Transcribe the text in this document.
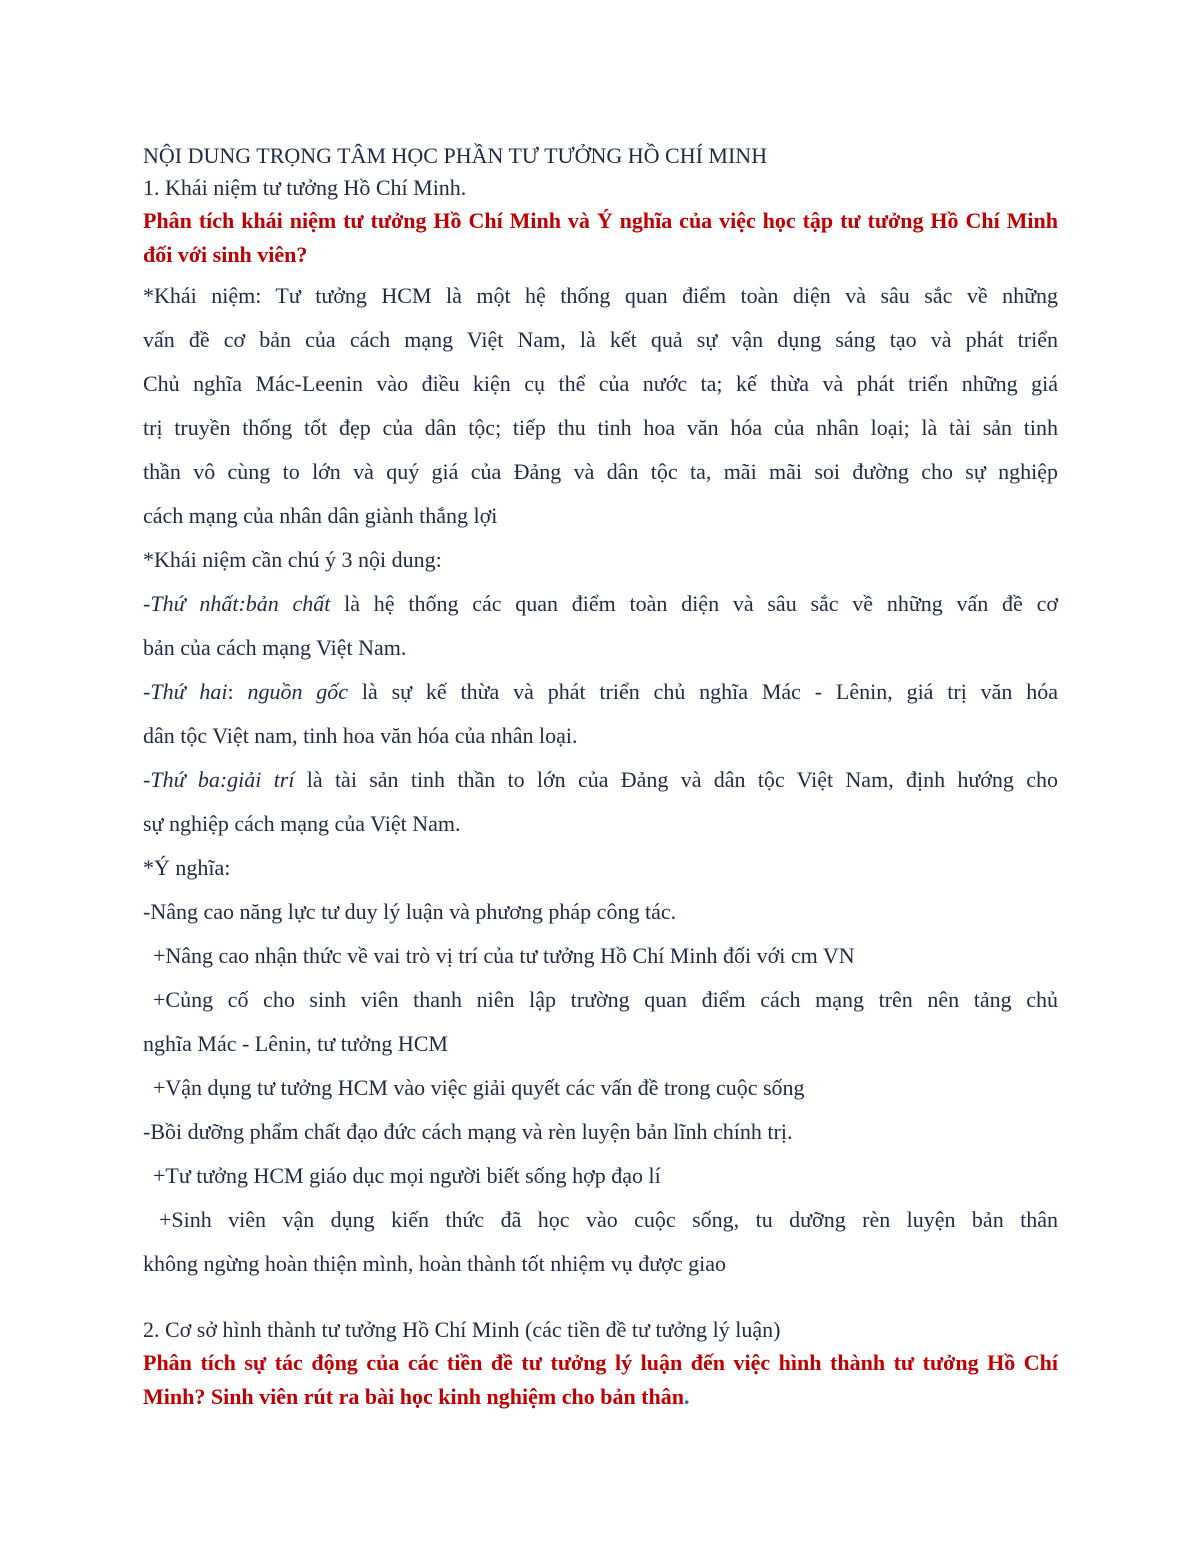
NỘI DUNG TRỌNG TÂM HỌC PHẦN TƯ TƯỞNG HỒ CHÍ MINH

1. Khái niệm tư tưởng Hồ Chí Minh.

Phân tích khái niệm tư tưởng Hồ Chí Minh và Ý nghĩa của việc học tập tư tưởng Hồ Chí Minh đối với sinh viên?

*Khái niệm: Tư tưởng HCM là một hệ thống quan điểm toàn diện và sâu sắc về những

vấn đề cơ bản của cách mạng Việt Nam, là kết quả sự vận dụng sáng tạo và phát triển

Chủ nghĩa Mác-Leenin vào điều kiện cụ thể của nước ta; kế thừa và phát triển những giá

trị truyền thống tốt đẹp của dân tộc; tiếp thu tinh hoa văn hóa của nhân loại; là tài sản tinh

thần vô cùng to lớn và quý giá của Đảng và dân tộc ta, mãi mãi soi đường cho sự nghiệp

cách mạng của nhân dân giành thắng lợi

*Khái niệm cần chú ý 3 nội dung:

-Thứ nhất:bản chất là hệ thống các quan điểm toàn diện và sâu sắc về những vấn đề cơ

bản của cách mạng Việt Nam.

-Thứ hai: nguồn gốc là sự kế thừa và phát triển chủ nghĩa Mác - Lênin, giá trị văn hóa

dân tộc Việt nam, tinh hoa văn hóa của nhân loại.

-Thứ ba:giải trí là tài sản tinh thần to lớn của Đảng và dân tộc Việt Nam, định hướng cho

sự nghiệp cách mạng của Việt Nam.

*Ý nghĩa:

-Nâng cao năng lực tư duy lý luận và phương pháp công tác.

+Nâng cao nhận thức về vai trò vị trí của tư tưởng Hồ Chí Minh đối với cm VN

+Củng cố cho sinh viên thanh niên lập trường quan điểm cách mạng trên nên tảng chủ

nghĩa Mác - Lênin, tư tưởng HCM

+Vận dụng tư tưởng HCM vào việc giải quyết các vấn đề trong cuộc sống

-Bồi dưỡng phẩm chất đạo đức cách mạng và rèn luyện bản lĩnh chính trị.

+Tư tưởng HCM giáo dục mọi người biết sống hợp đạo lí

+Sinh viên vận dụng kiến thức đã học vào cuộc sống, tu dưỡng rèn luyện bản thân

không ngừng hoàn thiện mình, hoàn thành tốt nhiệm vụ được giao

2. Cơ sở hình thành tư tưởng Hồ Chí Minh (các tiền đề tư tưởng lý luận)

Phân tích sự tác động của các tiền đề tư tưởng lý luận đến việc hình thành tư tưởng Hồ Chí Minh? Sinh viên rút ra bài học kinh nghiệm cho bản thân.
